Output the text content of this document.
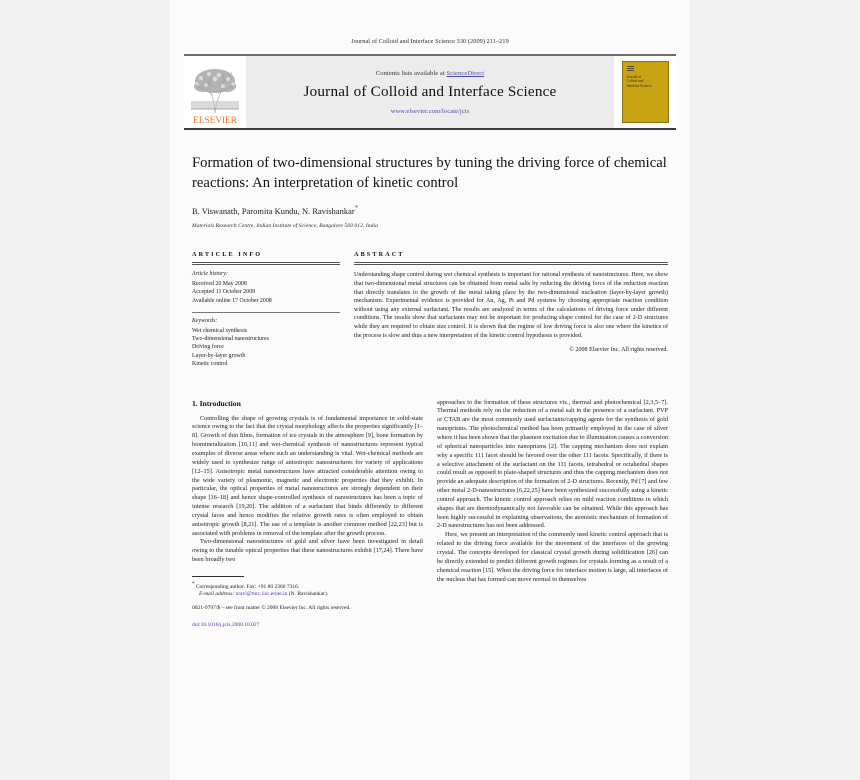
Journal of Colloid and Interface Science 330 (2009) 211–219
ELSEVIER
Contents lists available at ScienceDirect
Journal of Colloid and Interface Science
www.elsevier.com/locate/jcis
Journal of
Colloid and
Interface Science
Formation of two-dimensional structures by tuning the driving force of chemical reactions: An interpretation of kinetic control
B. Viswanath, Paromita Kundu, N. Ravishankar*
Materials Research Centre, Indian Institute of Science, Bangalore 560 012, India
ARTICLE INFO
Article history:
Received 20 May 2008
Accepted 11 October 2008
Available online 17 October 2008
Keywords:
Wet chemical synthesis
Two-dimensional nanostructures
Driving force
Layer-by-layer growth
Kinetic control
ABSTRACT

Understanding shape control during wet chemical synthesis is important for rational synthesis of nanostructures. Here, we show that two-dimensional metal structures can be obtained from metal salts by reducing the driving force of the reduction reaction that directly translates to the growth of the metal taking place by the two-dimensional nucleation (layer-by-layer growth) mechanism. Experimental evidence is provided for Au, Ag, Pt and Pd systems by choosing appropriate reaction condition without using any external surfactant. The results are analyzed in terms of the calculations of driving force under different conditions. The results show that surfactants may not be important for producing shape control for the case of 2-D structures while they are required to obtain size control. It is shown that the regime of low driving force is also one where the kinetics of the process is slow and thus a new interpretation of the kinetic control hypothesis is provided.

© 2008 Elsevier Inc. All rights reserved.
1. Introduction

Controlling the shape of growing crystals is of fundamental importance in solid-state science owing to the fact that the crystal morphology affects the properties significantly [1–8]. Growth of thin films, formation of ice crystals in the atmosphere [9], bone formation by biomineralization [10,11] and wet-chemical synthesis of nanostructures represent typical examples of diverse areas where such an understanding is vital. Wet-chemical methods are widely used to synthesize range of anisotropic nanostructures for variety of applications [12–15]. Anisotropic metal nanostructures have attracted considerable attention owing to the wide variety of plasmonic, magnetic and electronic properties that they exhibit. In particular, the optical properties of metal nanostructures are strongly dependent on their shape [16–18] and hence shape-controlled synthesis of nanostructures has been a topic of intense research [19,20]. The addition of a surfactant that binds differently to different crystal faces and hence modifies the relative growth rates is often employed to obtain anisotropic growth [8,21]. The use of a template is another common method [22,23] but is associated with problems in removal of the template after the growth process.

Two-dimensional nanostructures of gold and silver have been investigated in detail owing to the tunable optical properties that these nanostructures exhibit [17,24]. There have been broadly two

* Corresponding author. Fax: +91 80 2360 7316.
E-mail address: nravi@mrc.iisc.ernet.in (N. Ravishankar).
0021-9797/$ – see front matter © 2008 Elsevier Inc. All rights reserved.
doi:10.1016/j.jcis.2008.10.027

approaches to the formation of these structures viz., thermal and photochemical [2,3,5–7]. Thermal methods rely on the reduction of a metal salt in the presence of a surfactant. PVP or CTAB are the most commonly used surfactants/capping agents for the synthesis of gold nanoprisms. The photochemical method has been primarily employed in the case of silver where it has been shown that the plasmon excitation due to illumination causes a conversion of spherical nanoparticles into nanoprisms [2]. The capping mechanism does not explain why a specific 111 facet should be favored over the other 111 facets. Specifically, if there is a selective attachment of the surfactant on the 111 facets, tetrahedral or octahedral shapes could result as opposed to plate-shaped structures and thus the capping mechanism does not provide an adequate description of the formation of 2-D structures. Recently, Pd [7] and few other metal 2-D-nanostructures [6,22,25] have been synthesized successfully using a kinetic control approach. The kinetic control approach relies on mild reaction conditions in which shapes that are thermodynamically not favorable can be obtained. While this approach has been highly successful in explaining observations, the atomistic mechanism of formation of 2-D nanostructures has not been addressed.

Here, we present an interpretation of the commonly used kinetic control approach that is related to the driving force available for the movement of the interfaces of the growing crystal. The concepts developed for classical crystal growth during solidification [26] can be directly extended to predict different growth regimes for crystals forming as a result of a chemical reaction [15]. When the driving force for interface motion is large, all interfaces of the nucleus that has formed can move normal to themselves
